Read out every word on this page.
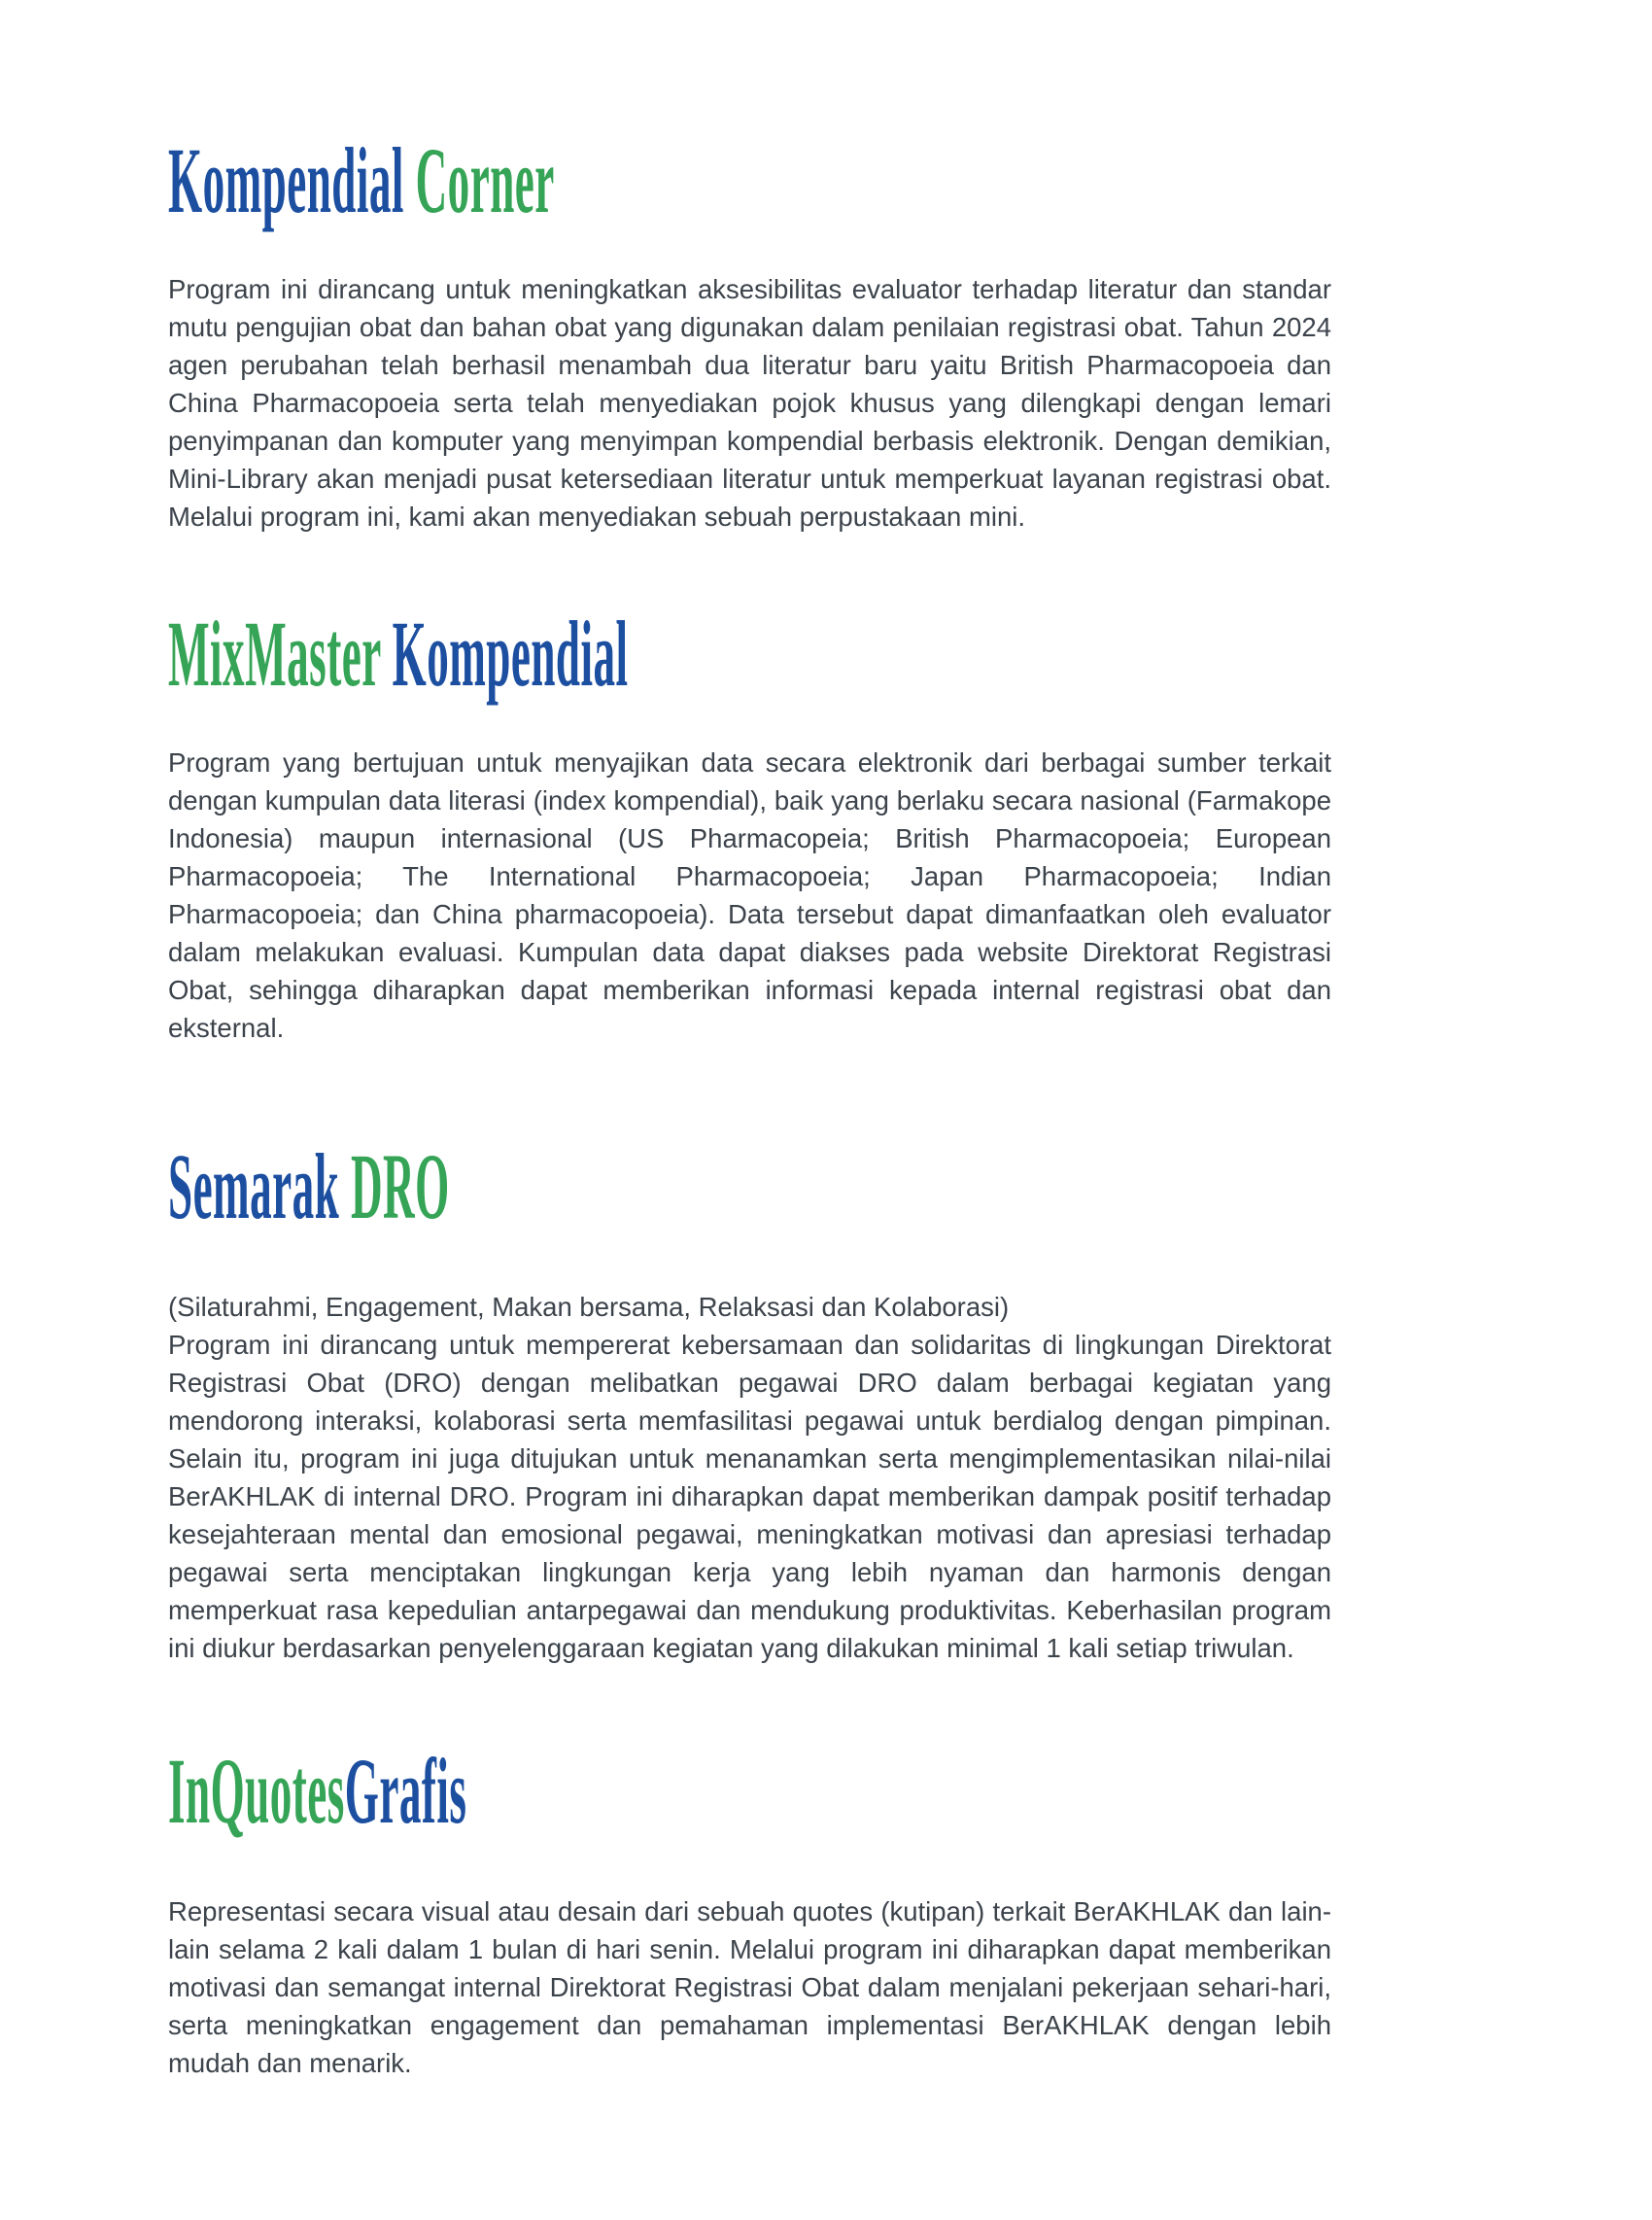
Kompendial Corner

Program ini dirancang untuk meningkatkan aksesibilitas evaluator terhadap literatur dan standar mutu pengujian obat dan bahan obat yang digunakan dalam penilaian registrasi obat. Tahun 2024 agen perubahan telah berhasil menambah dua literatur baru yaitu British Pharmacopoeia dan China Pharmacopoeia serta telah menyediakan pojok khusus yang dilengkapi dengan lemari penyimpanan dan komputer yang menyimpan kompendial berbasis elektronik. Dengan demikian, Mini-Library akan menjadi pusat ketersediaan literatur untuk memperkuat layanan registrasi obat. Melalui program ini, kami akan menyediakan sebuah perpustakaan mini.

MixMaster Kompendial

Program yang bertujuan untuk menyajikan data secara elektronik dari berbagai sumber terkait dengan kumpulan data literasi (index kompendial), baik yang berlaku secara nasional (Farmakope Indonesia) maupun internasional (US Pharmacopeia; British Pharmacopoeia; European Pharmacopoeia; The International Pharmacopoeia; Japan Pharmacopoeia; Indian Pharmacopoeia; dan China pharmacopoeia). Data tersebut dapat dimanfaatkan oleh evaluator dalam melakukan evaluasi. Kumpulan data dapat diakses pada website Direktorat Registrasi Obat, sehingga diharapkan dapat memberikan informasi kepada internal registrasi obat dan eksternal.

Semarak DRO
(Silaturahmi, Engagement, Makan bersama, Relaksasi dan Kolaborasi)

Program ini dirancang untuk mempererat kebersamaan dan solidaritas di lingkungan Direktorat Registrasi Obat (DRO) dengan melibatkan pegawai DRO dalam berbagai kegiatan yang mendorong interaksi, kolaborasi serta memfasilitasi pegawai untuk berdialog dengan pimpinan. Selain itu, program ini juga ditujukan untuk menanamkan serta mengimplementasikan nilai-nilai BerAKHLAK di internal DRO. Program ini diharapkan dapat memberikan dampak positif terhadap kesejahteraan mental dan emosional pegawai, meningkatkan motivasi dan apresiasi terhadap pegawai serta menciptakan lingkungan kerja yang lebih nyaman dan harmonis dengan memperkuat rasa kepedulian antarpegawai dan mendukung produktivitas. Keberhasilan program ini diukur berdasarkan penyelenggaraan kegiatan yang dilakukan minimal 1 kali setiap triwulan.

InQuotesGrafis

Representasi secara visual atau desain dari sebuah quotes (kutipan) terkait BerAKHLAK dan lain-lain selama 2 kali dalam 1 bulan di hari senin. Melalui program ini diharapkan dapat memberikan motivasi dan semangat internal Direktorat Registrasi Obat dalam menjalani pekerjaan sehari-hari, serta meningkatkan engagement dan pemahaman implementasi BerAKHLAK dengan lebih mudah dan menarik.
